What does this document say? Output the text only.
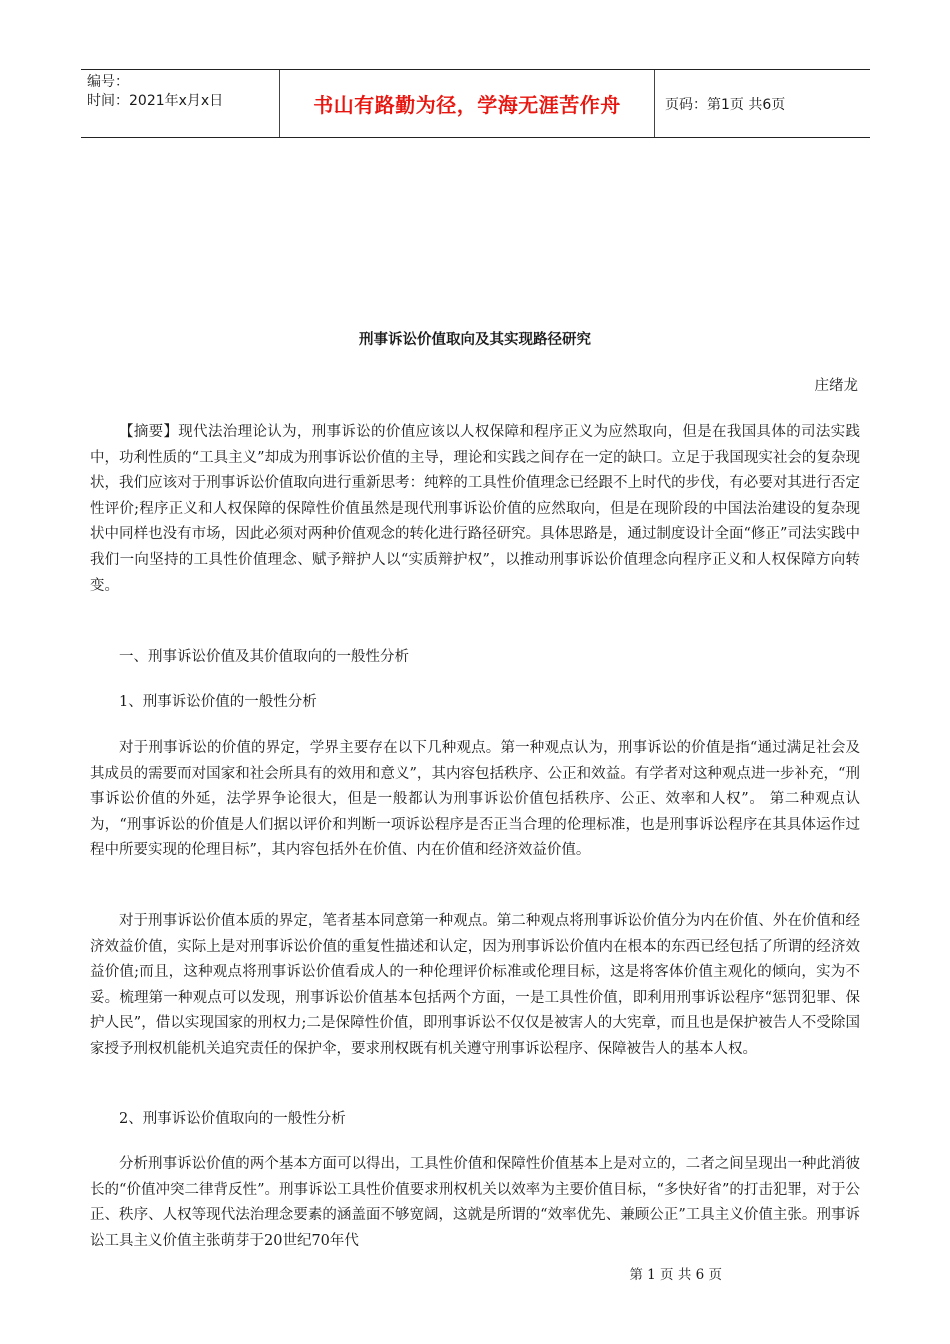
编号：
时间：2021年x月x日	书山有路勤为径，学海无涯苦作舟	页码：第1页 共6页
刑事诉讼价值取向及其实现路径研究
庄绪龙

【摘要】现代法治理论认为，刑事诉讼的价值应该以人权保障和程序正义为应然取向，但是在我国具体的司法实践中，功利性质的“工具主义”却成为刑事诉讼价值的主导，理论和实践之间存在一定的缺口。立足于我国现实社会的复杂现状，我们应该对于刑事诉讼价值取向进行重新思考：纯粹的工具性价值理念已经跟不上时代的步伐，有必要对其进行否定性评价;程序正义和人权保障的保障性价值虽然是现代刑事诉讼价值的应然取向，但是在现阶段的中国法治建设的复杂现状中同样也没有市场，因此必须对两种价值观念的转化进行路径研究。具体思路是，通过制度设计全面“修正”司法实践中我们一向坚持的工具性价值理念、赋予辩护人以“实质辩护权”，以推动刑事诉讼价值理念向程序正义和人权保障方向转变。

一、刑事诉讼价值及其价值取向的一般性分析

1、刑事诉讼价值的一般性分析

对于刑事诉讼的价值的界定，学界主要存在以下几种观点。第一种观点认为，刑事诉讼的价值是指“通过满足社会及其成员的需要而对国家和社会所具有的效用和意义”，其内容包括秩序、公正和效益。有学者对这种观点进一步补充，“刑事诉讼价值的外延，法学界争论很大，但是一般都认为刑事诉讼价值包括秩序、公正、效率和人权”。 第二种观点认为，“刑事诉讼的价值是人们据以评价和判断一项诉讼程序是否正当合理的伦理标准，也是刑事诉讼程序在其具体运作过程中所要实现的伦理目标”，其内容包括外在价值、内在价值和经济效益价值。

对于刑事诉讼价值本质的界定，笔者基本同意第一种观点。第二种观点将刑事诉讼价值分为内在价值、外在价值和经济效益价值，实际上是对刑事诉讼价值的重复性描述和认定，因为刑事诉讼价值内在根本的东西已经包括了所谓的经济效益价值;而且，这种观点将刑事诉讼价值看成人的一种伦理评价标准或伦理目标，这是将客体价值主观化的倾向，实为不妥。梳理第一种观点可以发现，刑事诉讼价值基本包括两个方面，一是工具性价值，即利用刑事诉讼程序“惩罚犯罪、保护人民”，借以实现国家的刑权力;二是保障性价值，即刑事诉讼不仅仅是被害人的大宪章，而且也是保护被告人不受除国家授予刑权机能机关追究责任的保护伞，要求刑权既有机关遵守刑事诉讼程序、保障被告人的基本人权。

2、刑事诉讼价值取向的一般性分析

分析刑事诉讼价值的两个基本方面可以得出，工具性价值和保障性价值基本上是对立的，二者之间呈现出一种此消彼长的“价值冲突二律背反性”。刑事诉讼工具性价值要求刑权机关以效率为主要价值目标，“多快好省”的打击犯罪，对于公正、秩序、人权等现代法治理念要素的涵盖面不够宽阔，这就是所谓的“效率优先、兼顾公正”工具主义价值主张。刑事诉讼工具主义价值主张萌芽于20世纪70年代

第 1 页 共 6 页
